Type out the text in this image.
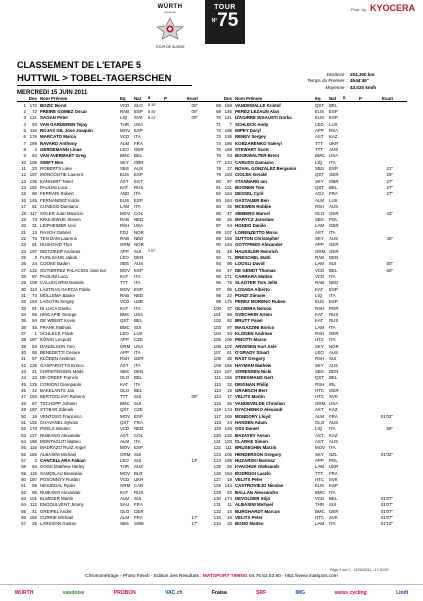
WÜRTH
presents
TOUR DE SUISSE
TOUR
$^{N^\circ}$75
Prod. by KYOCERA
CLASSEMENT DE L'ETAPE 5
HUTTWIL > TOBEL-TAGERSCHEN
MERCREDI 15 JUIN 2011
Distance : 204,300 km
Temps du Premier : 4h44'46"
Moyenne : 43,020 km/h
Dos Nom Prénom	Eq	Nat	B	P	Ecart
1 172 BOZIC Borut	VCD	SLO	B 10"	00"
2	72 FREIRE GOMEZ Oscar	RAB	ESP	B 06"	00"
3 121 SAGAN Peter	LIQ	SVK	B 04"	00"
4	93 VAN GARDEREN Tejay	THR	USA
5 115 ROJAS GIL Jose Joaquin	MOV ESP
6 176 MARCATO Marco	VCD	ITA
7 188 RAVARD Anthony	ALM	FRA
8	4 GERDEMANN Linus	LEO	GER
9	63 VAN AVERMAET Greg	BMC BEL
10 105 SWIFT Ben	SKY	GBR
11	23 ROBERTS Luke	SBS	AUS
12 197 MONCOUTIE Laurent	EUS	ESP
13 136 KANGERT Tanel	AST	EST
14 152 PAULINI Luca	KAT	RUS
15	86 FERRARI Robert	AND	ITA
16 145 FERNANDEZ Koldo	EUS	ESP
17	51 CUNEGO Damiano	LAM	ITA
18 117 SOLER Juan Mauricio	MOV COL
19	73 KRUIJSWIJK Steven	RAB	NED
20	31 LEIPHEIMER Levi	RSH	USA
21	13 RASCH Gabriel	FDJ	NOR
22	76 TEN DAM Laurens	RAB	NED
23	81 HUSHOVD Thor	GRM NOR
24 197 DIETZIKER Andreas	APP	SUI	0 07"
25	3 FUGLSANG Jakob	LEO	DEN
26	24 COOKE Baden	SBS	AUS
27 132 GUTIERREZ PALACIOS José Iva	MOV ESP
28	87 PAOLINI Luca	KAT	ITA
29 108 CALLEGARIN Daniele	TTT	ITA
30 113 LASTRAS GARCIA Pablo	MOV ESP
31	74 MOLLEMA Bauke	RAB	NED
32 154 LAGUTIN Sergey	VCD	UZB
33	91 DI LUCA Danilo	KAT	ITA
34	56 HINCAPIE George	BMC USA
35	54 DE WEERT Kevin	QST	BEL
36	45 FRANK Mathias	BMC SUI
37	1 SCHLECK Frank	LEO	LUX
38 187 KÖNIG Leopold	APP	CZE
39	53 DANIELSON Tom	GRM USA
40	65 BENEDETTI Cesare	APP	ITA
41	57 KLÖDEN Andreas	RSH	GER
42 126 GASPAROTTO Enrico	AST	ITA
43	21 CHRISTENSEN Mads	SBS	DEN
44	23 DE GREEF Francis	OLO	BEL
45 125 CORIONI Giampaolo	KAT	ITA
46	42 BAKELANTS Jan	OLO	BEL
47 183 BERTOGLIATI Rubens	TTT	SUI	00"
48	67 TSCHOPP Johann	BMC SUI
49 187 STYBAR Zdenek	QST	CZE
50	18 VENTOSO Francisco	MOV ESP
51 152 CHAVANEL Sylvain	QST	FRA
52 178 POELS Wouter	VCD	NED
53 127 RUBIANO Alexander	AST	COL
54 186 MONTAGUTI Matteo	ALM	ITA
55 116 MADRAZO RUIZ Angel	MOV ESP
56 182 ALBASINI Michael	GRM SUI
57	2 CANCELLARA Fabian	LEO	SUI	13"
58	64 GOSS Matthew Harley	THR	AUS
59 116 SAMOILAU Branislau	MOV BLR
60 197 POSONNYY Ruslan	VCD	UKR
61	55 HESJEDAL Ryder	GRM CAN
62	85 RUBIANO Alexander	KAT	RUS
63 101 ELMIGER Martin	ALM	SUI
64 112 ENGOULVENT Jimmy	SAU	FRA
65	41 GREIPEL André	OLO	GER
66 192 CURRIE Michael	ALM	FRA	17"
67	25 LARSSON Gustav	SBS	SWE	17"
Dos Nom Prénom	Eq	Nat	B	P	Ecart
68 158 VANDEWALLE Kristof	QST	BEL
69 146 PEREZ LEZAUN Alan	EUS	ESP
70 141 IZAGIRRE INSAUSTI Gorka	EUS	ESP
71	7 SCHLECK Andy	LEO	LUX
72 196 IMPEY Daryl	APP	RSA
73 136 RENEV Sergey	AST	KAZ
74 186 KOBZARENKO Valeryi	TTT	UKR
75 168 STEWART Scott	TTT	AUS
76	63 BOOKWALTER Brent	BMC USA
77 124 CARUSO Damiano	LIQ	ITA
78	27 NOVAL GONZALEZ Benjamin	SBS	ESP	21"
79 193 CIOLEK Gerald	QST	GER	25"
80	97 STANNARD Ian	SKY	GBR	27"
81 101 BOONEN Tom	QST	BEL	27"
82 164 DESSEL Cyril	AG2	FRA	27"
83 164 GASTAUER Ben	ALM	LUX
84	35 MCEWEN Robbie	RSH	AUS
85	47 SIEBERG Marcel	OLO	GER	43"
86	26 MARYCZ Jaroslaw	SBS	POL
87	54 HONDO Danilo	LAM	GER
88 107 LORENZETTO Mirco	AST	ITA
89 168 SUTTON Christopher	SKY	AUS	45"
90 194 GOTTFRIED Alexander	APP	GER
91	48 HAUSSLER Heinrich	GRM GER
92	71 BRESCHEL Matti	RAB	DEN
93	96 LOOSLI David	LAM	SUI	50"
94	47 DE GENDT Thomas	VCD	BEL	50"
95 171 CARRARA Matteo	VCD	ITA
96	75 SLAGTER Tom Jelte	RAB	NED
97	95 LOSADA Alberto	KAT	ESP
98	22 PONZI Simone	LIQ	ITA
99 175 PEREZ MORENO Ruben	EUS	ESP
100	37 OLIVEIRA Nelson	RSH	POR
101	56 OVECHKIN Artem	KAT	RUS
102	92 BRUTT Pavel	KAT	RUS
103	97 MAGAZZINI Enrico	LAM	ITA
104	34 KLÖDEN Andreas	RSH	GER
105 106 PINOTTI Marco	HTC	ITA
106 102 ARVESEN Kurt Asle	SKY	NOR
107	61 O'GRADY Stuart	LEO	AUS
108	36 RAST Gregory	RSH	SUI
109 165 HAYMAN Mathew	SKY	AUS
110 167 SORENSEN Nicki	SBS	DEN
111 156 STEEGMANS Gert	QST	BEL
112	32 DEIGNAN Philip	RSH	IRL
113	15 GRABSCH Bert	HTC	GER
114	17 VELITS Martin	HTC	SVK
115	55 VANDEVELDE Christian	GRM USA
116 174 DYACHENKO Alexandr	AST	KAZ
117 165 MONDORY Lloyd	ALM	FRA	01'02"
118	44 HANSEN Adam	OLO	AUS
119 126 OSS Daniel	LIQ	ITA	59"
120 132 BAZAYEV Assan	AST	KAZ
121 133 CLARKE Simon	AST	AUS
122 111 BRUSEGHIN Marzio	MOV ITA
123 106 HENDERSON Gregory	SKY	NZL	01'02"
124 195 HUZARSKI Bartosz	APP	POL
125	55 KVACHUK Oleksandr	LAM	UKR
126 164 BODROGI Laszlo	TTT	FRA
127	18 VELITS Peter	HTC	SVK
128 144 CASTROVIEJO Nicolas	EUS	ESP
129	62 BALLAN Alessandro	BMC ITA
130 174 DEVOLDER Stijn	VCD	BEL	01'07"
131	11 ALBASINI Michael	THR	SUI	01'07"
132	14 BURGHARDT Marcus	BMC GER	01'07"
133	15 VELITS Peter	HTC	SVK	01'07"
134	33 BONO Matteo	LAM	ITA	01'10"
Page 1 sur 2 - 15/06/2011 - 17:30:59
Chronométrage - Photo Finish - Edition des Résultats : MATSPORT TIMING 04.76.52.53.60 - http://www.matsport.com
WÜRTH	vaudoise	PROBON	VAC.ch	Fraisa	SRF	IMG	swiss cycling	Lindt
